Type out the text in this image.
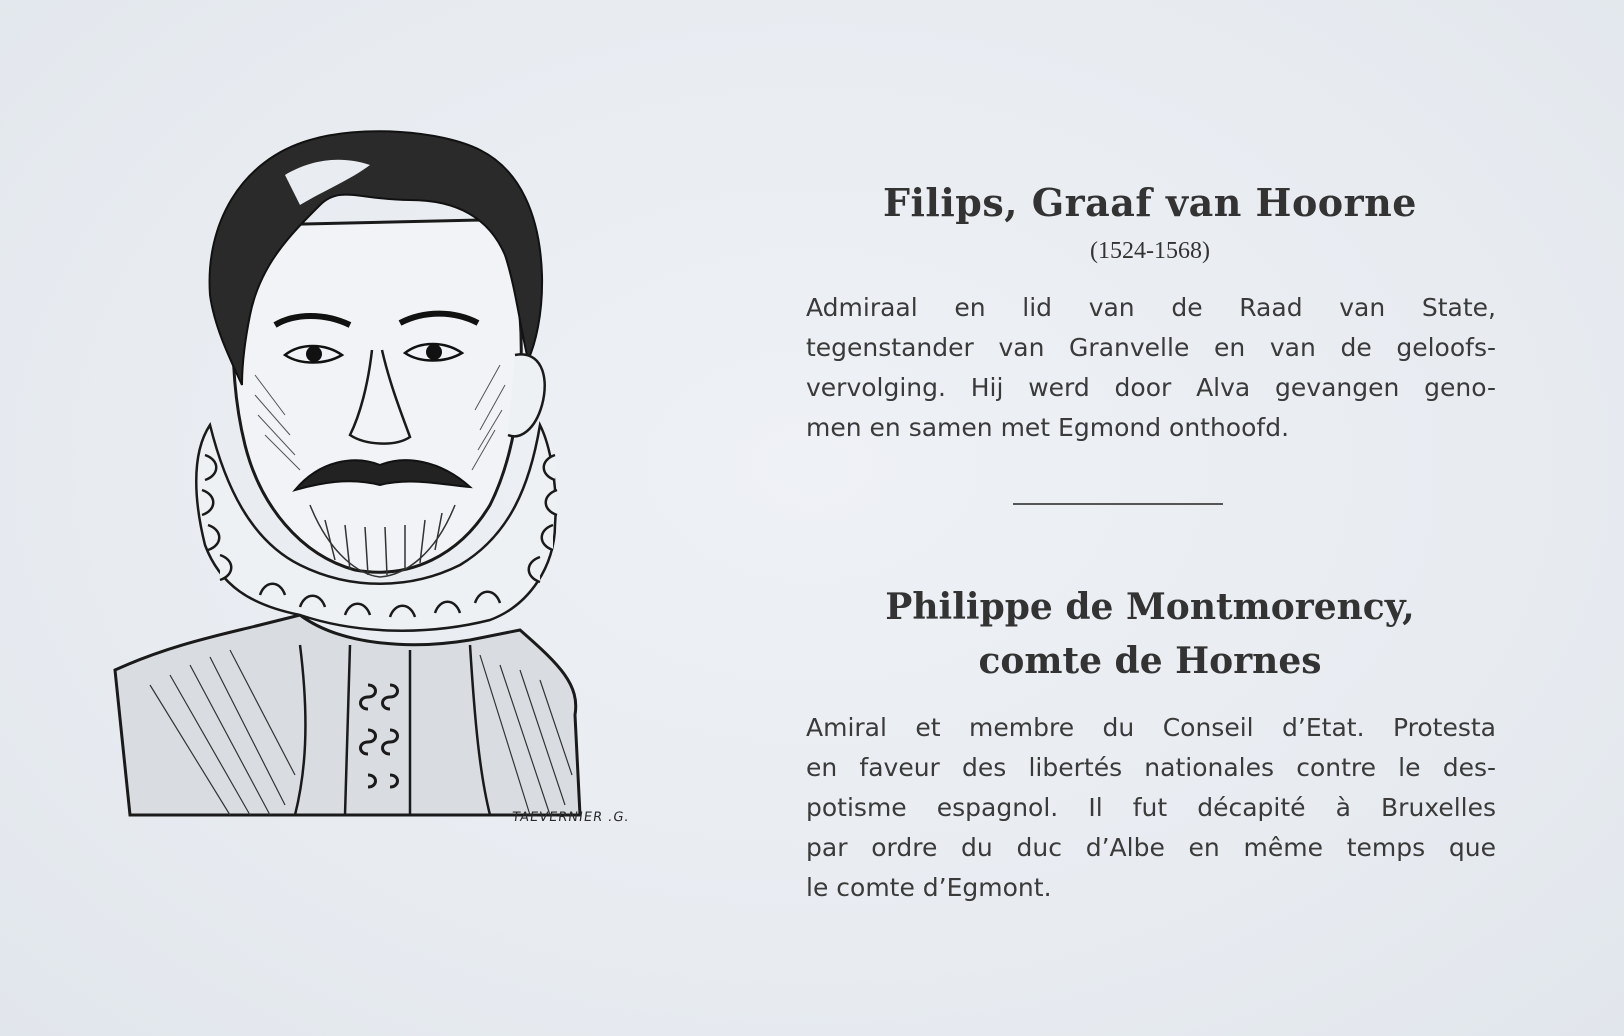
TAEVERNIER .G.
Filips, Graaf van Hoorne
(1524-1568)
Admiraal en lid van de Raad van State,
tegenstander van Granvelle en van de geloofs-
vervolging. Hij werd door Alva gevangen geno-
men en samen met Egmond onthoofd.
Philippe de Montmorency,
comte de Hornes
Amiral et membre du Conseil d’Etat. Protesta
en faveur des libertés nationales contre le des-
potisme espagnol. Il fut décapité à Bruxelles
par ordre du duc d’Albe en même temps que
le comte d’Egmont.
